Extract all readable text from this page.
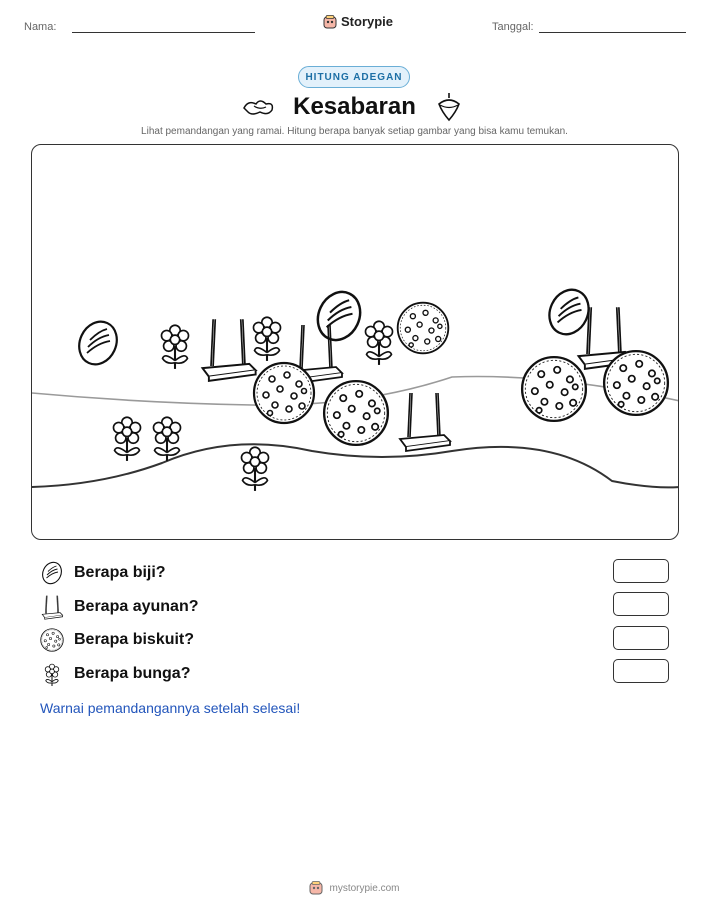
Nama:	Storypie	Tanggal:
HITUNG ADEGAN
Kesabaran
Lihat pemandangan yang ramai. Hitung berapa banyak setiap gambar yang bisa kamu temukan.
Berapa biji?
Berapa ayunan?
Berapa biskuit?
Berapa bunga?
Warnai pemandangannya setelah selesai!
mystorypie.com
